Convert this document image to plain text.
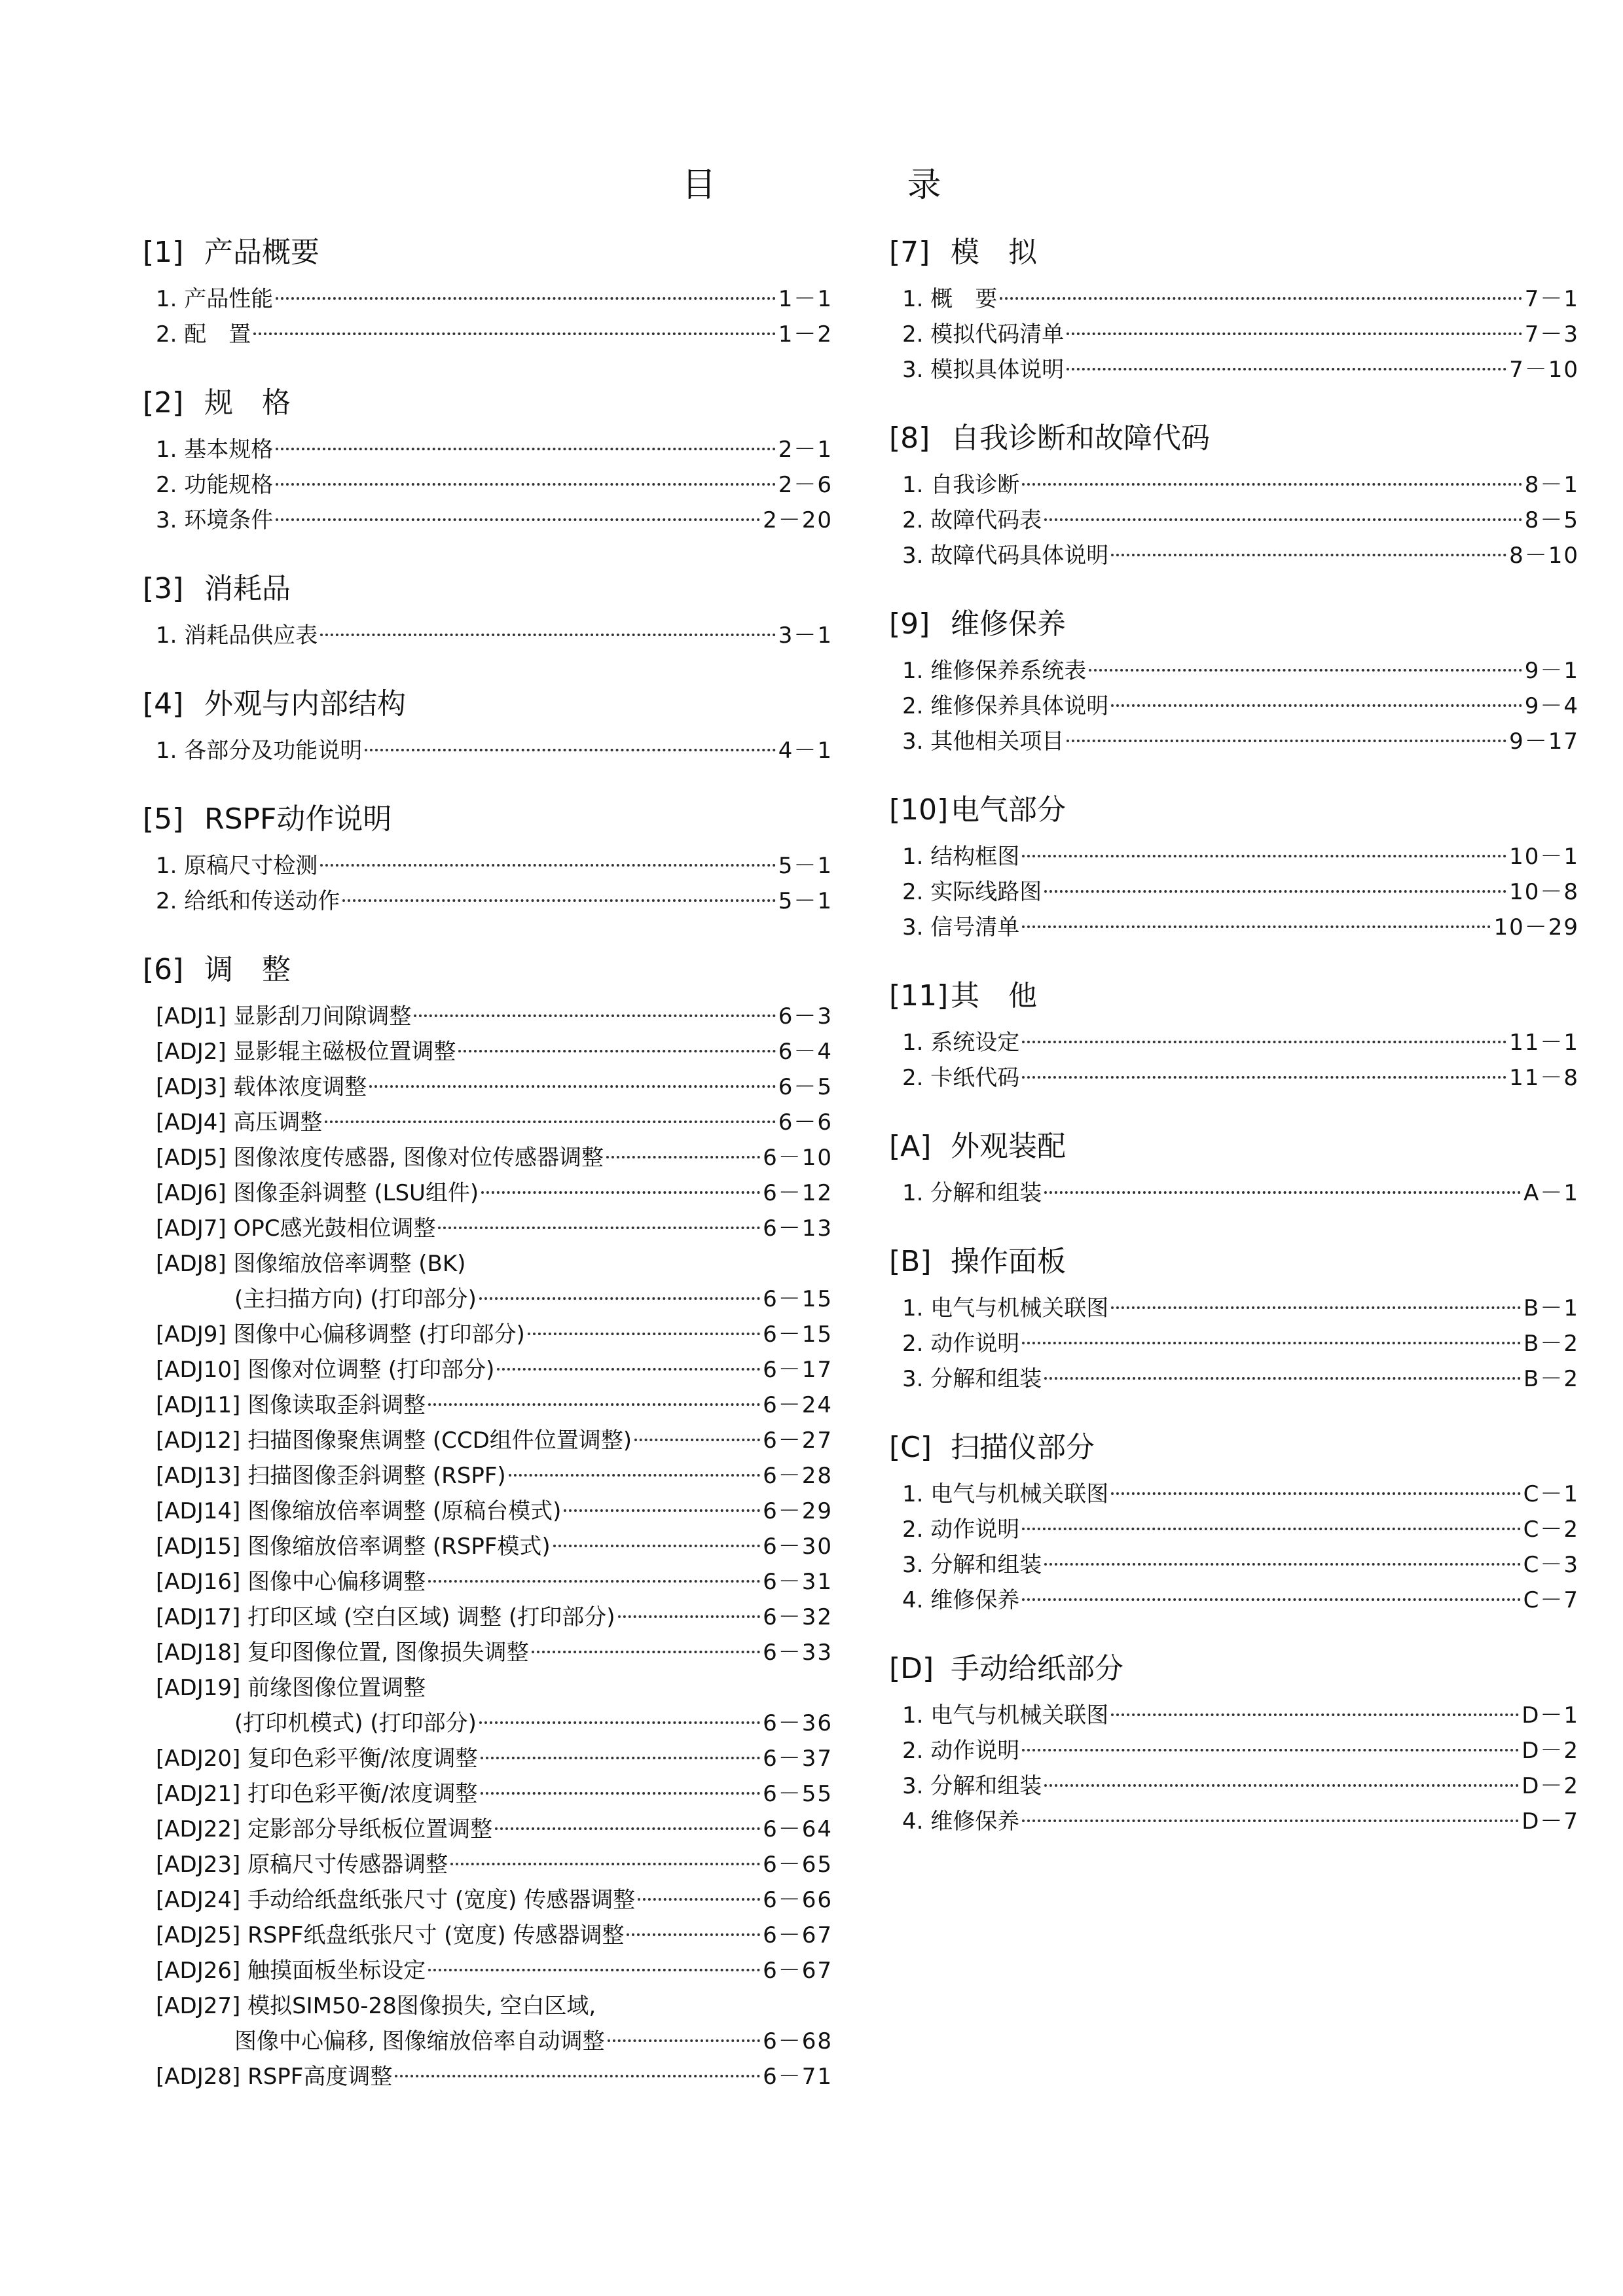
目　录
[1] 产品概要
1. 产品性能	1－1
2. 配　置	1－2
[2] 规　格
1. 基本规格	2－1
2. 功能规格	2－6
3. 环境条件	2－20
[3] 消耗品
1. 消耗品供应表	3－1
[4] 外观与内部结构
1. 各部分及功能说明	4－1
[5] RSPF动作说明
1. 原稿尺寸检测	5－1
2. 给纸和传送动作	5－1
[6] 调　整
[ADJ1] 显影刮刀间隙调整	6－3
[ADJ2] 显影辊主磁极位置调整	6－4
[ADJ3] 载体浓度调整	6－5
[ADJ4] 高压调整	6－6
[ADJ5] 图像浓度传感器, 图像对位传感器调整	6－10
[ADJ6] 图像歪斜调整 (LSU组件)	6－12
[ADJ7] OPC感光鼓相位调整	6－13
[ADJ8] 图像缩放倍率调整 (BK)
(主扫描方向) (打印部分)	6－15
[ADJ9] 图像中心偏移调整 (打印部分)	6－15
[ADJ10] 图像对位调整 (打印部分)	6－17
[ADJ11] 图像读取歪斜调整	6－24
[ADJ12] 扫描图像聚焦调整 (CCD组件位置调整)	6－27
[ADJ13] 扫描图像歪斜调整 (RSPF)	6－28
[ADJ14] 图像缩放倍率调整 (原稿台模式)	6－29
[ADJ15] 图像缩放倍率调整 (RSPF模式)	6－30
[ADJ16] 图像中心偏移调整	6－31
[ADJ17] 打印区域 (空白区域) 调整 (打印部分)	6－32
[ADJ18] 复印图像位置, 图像损失调整	6－33
[ADJ19] 前缘图像位置调整
(打印机模式) (打印部分)	6－36
[ADJ20] 复印色彩平衡/浓度调整	6－37
[ADJ21] 打印色彩平衡/浓度调整	6－55
[ADJ22] 定影部分导纸板位置调整	6－64
[ADJ23] 原稿尺寸传感器调整	6－65
[ADJ24] 手动给纸盘纸张尺寸 (宽度) 传感器调整	6－66
[ADJ25] RSPF纸盘纸张尺寸 (宽度) 传感器调整	6－67
[ADJ26] 触摸面板坐标设定	6－67
[ADJ27] 模拟SIM50-28图像损失, 空白区域,
图像中心偏移, 图像缩放倍率自动调整	6－68
[ADJ28] RSPF高度调整	6－71
[7] 模　拟
1. 概　要	7－1
2. 模拟代码清单	7－3
3. 模拟具体说明	7－10
[8] 自我诊断和故障代码
1. 自我诊断	8－1
2. 故障代码表	8－5
3. 故障代码具体说明	8－10
[9] 维修保养
1. 维修保养系统表	9－1
2. 维修保养具体说明	9－4
3. 其他相关项目	9－17
[10] 电气部分
1. 结构框图	10－1
2. 实际线路图	10－8
3. 信号清单	10－29
[11] 其　他
1. 系统设定	11－1
2. 卡纸代码	11－8
[A] 外观装配
1. 分解和组装	A－1
[B] 操作面板
1. 电气与机械关联图	B－1
2. 动作说明	B－2
3. 分解和组装	B－2
[C] 扫描仪部分
1. 电气与机械关联图	C－1
2. 动作说明	C－2
3. 分解和组装	C－3
4. 维修保养	C－7
[D] 手动给纸部分
1. 电气与机械关联图	D－1
2. 动作说明	D－2
3. 分解和组装	D－2
4. 维修保养	D－7
